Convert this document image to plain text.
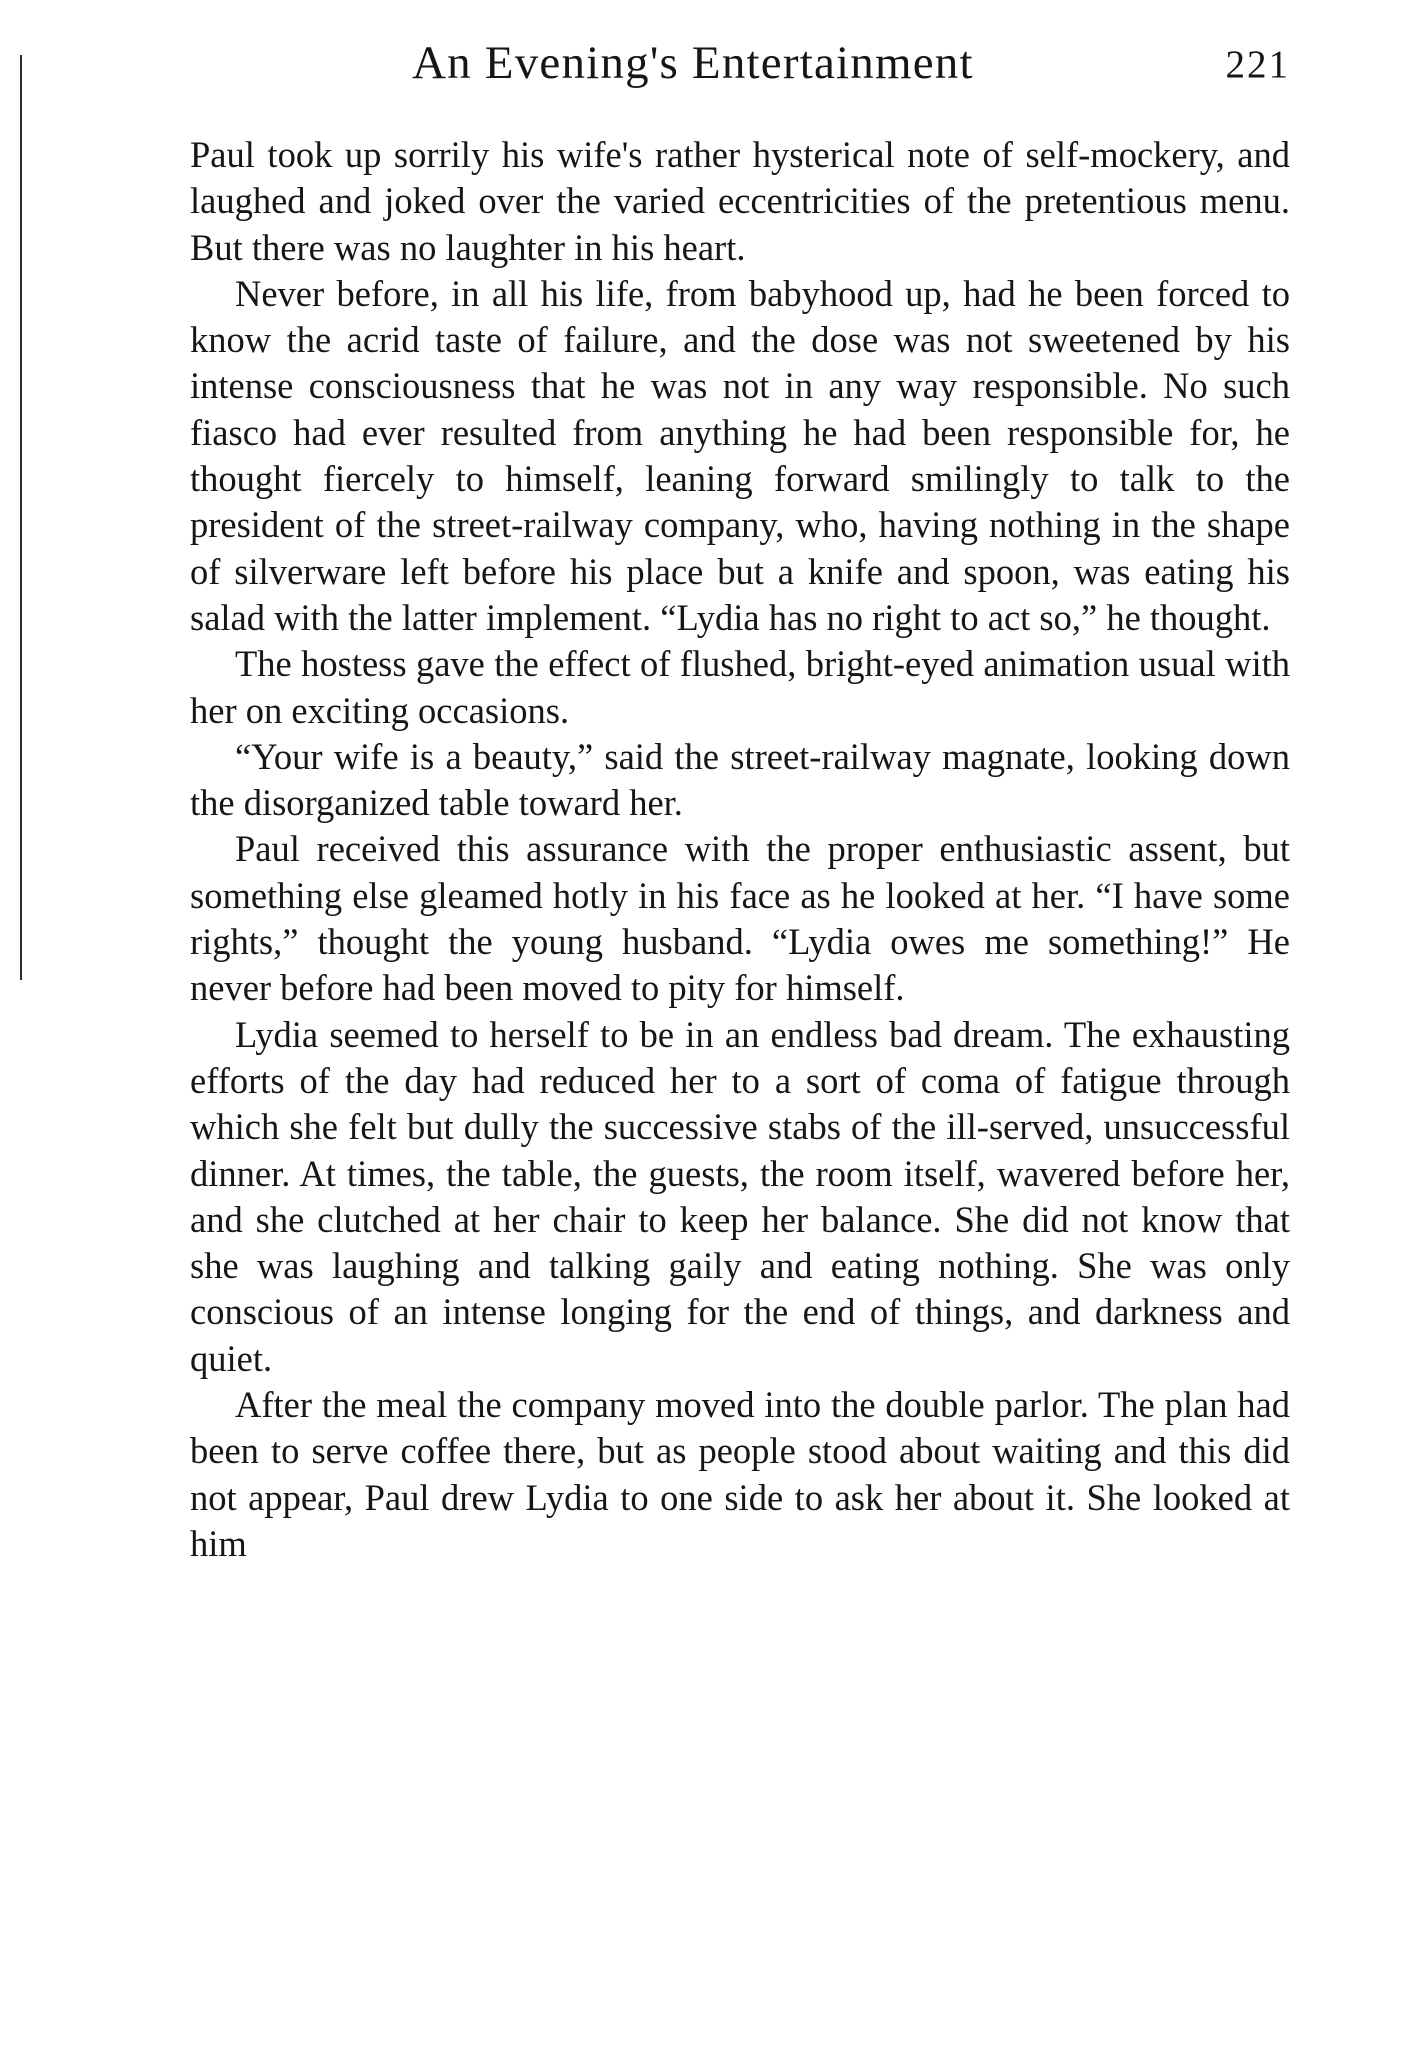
An Evening's Entertainment	221

Paul took up sorrily his wife's rather hysterical note of self-mockery, and laughed and joked over the varied eccentricities of the pretentious menu. But there was no laughter in his heart.

Never before, in all his life, from babyhood up, had he been forced to know the acrid taste of failure, and the dose was not sweetened by his intense consciousness that he was not in any way responsible. No such fiasco had ever resulted from anything he had been responsible for, he thought fiercely to himself, leaning forward smilingly to talk to the president of the street-railway company, who, having nothing in the shape of silverware left before his place but a knife and spoon, was eating his salad with the latter implement. “Lydia has no right to act so,” he thought.

The hostess gave the effect of flushed, bright-eyed animation usual with her on exciting occasions.

“Your wife is a beauty,” said the street-railway magnate, looking down the disorganized table toward her.

Paul received this assurance with the proper enthusiastic assent, but something else gleamed hotly in his face as he looked at her. “I have some rights,” thought the young husband. “Lydia owes me something!” He never before had been moved to pity for himself.

Lydia seemed to herself to be in an endless bad dream. The exhausting efforts of the day had reduced her to a sort of coma of fatigue through which she felt but dully the successive stabs of the ill-served, unsuccessful dinner. At times, the table, the guests, the room itself, wavered before her, and she clutched at her chair to keep her balance. She did not know that she was laughing and talking gaily and eating nothing. She was only conscious of an intense longing for the end of things, and darkness and quiet.

After the meal the company moved into the double parlor. The plan had been to serve coffee there, but as people stood about waiting and this did not appear, Paul drew Lydia to one side to ask her about it. She looked at him
